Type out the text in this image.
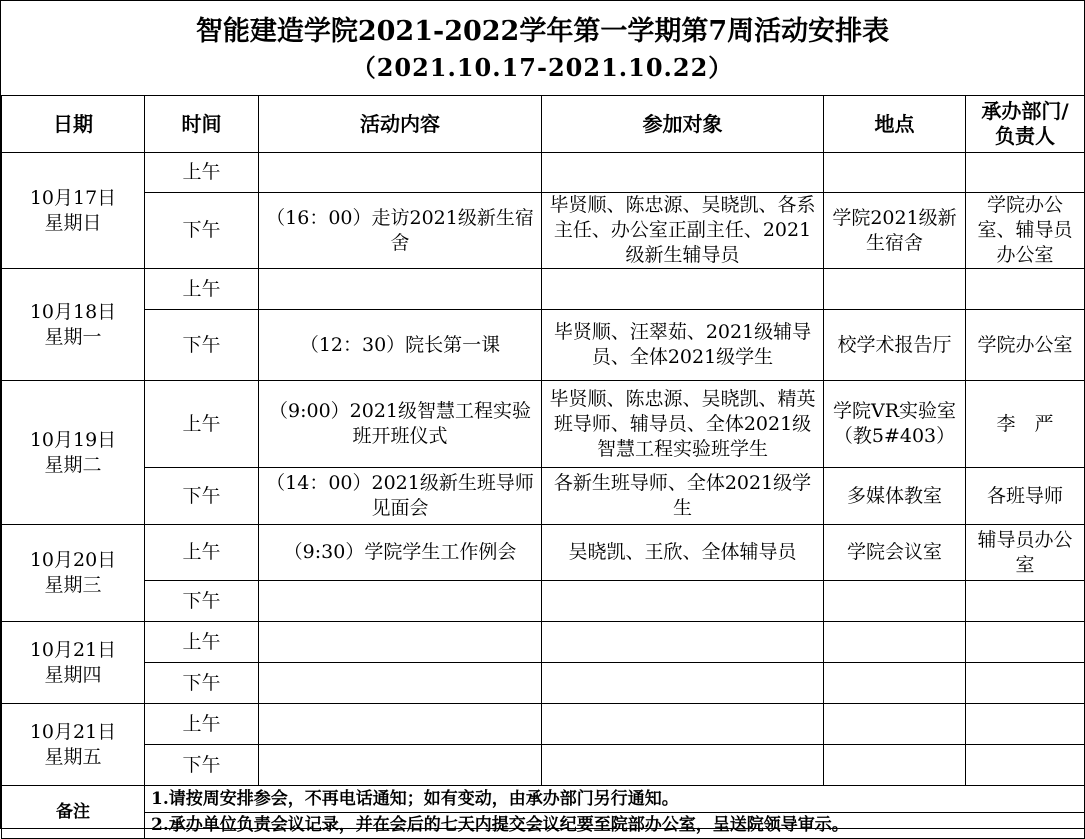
智能建造学院2021-2022学年第一学期第7周活动安排表
（2021.10.17-2021.10.22）
日期	时间	活动内容	参加对象	地点	承办部门/
负责人

10月17日
星期日	上午				
	下午	（16：00）走访2021级新生宿舍	毕贤顺、陈忠源、吴晓凯、各系主任、办公室正副主任、2021级新生辅导员	学院2021级新生宿舍	学院办公室、辅导员办公室

10月18日
星期一	上午				
	下午	（12：30）院长第一课	毕贤顺、汪翠茹、2021级辅导员、全体2021级学生	校学术报告厅	学院办公室

10月19日
星期二	上午	（9:00）2021级智慧工程实验班开班仪式	毕贤顺、陈忠源、吴晓凯、精英班导师、辅导员、全体2021级智慧工程实验班学生	学院VR实验室（教5#403）	李　严
	下午	（14：00）2021级新生班导师见面会	各新生班导师、全体2021级学生	多媒体教室	各班导师

10月20日
星期三	上午	（9:30）学院学生工作例会	吴晓凯、王欣、全体辅导员	学院会议室	辅导员办公室
	下午				

10月21日
星期四	上午				
	下午				

10月21日
星期五	上午				
	下午				
备注	1.请按周安排参会，不再电话通知；如有变动，由承办部门另行通知。				
	2.承办单位负责会议记录，并在会后的七天内提交会议纪要至院部办公室，呈送院领导审示。				
